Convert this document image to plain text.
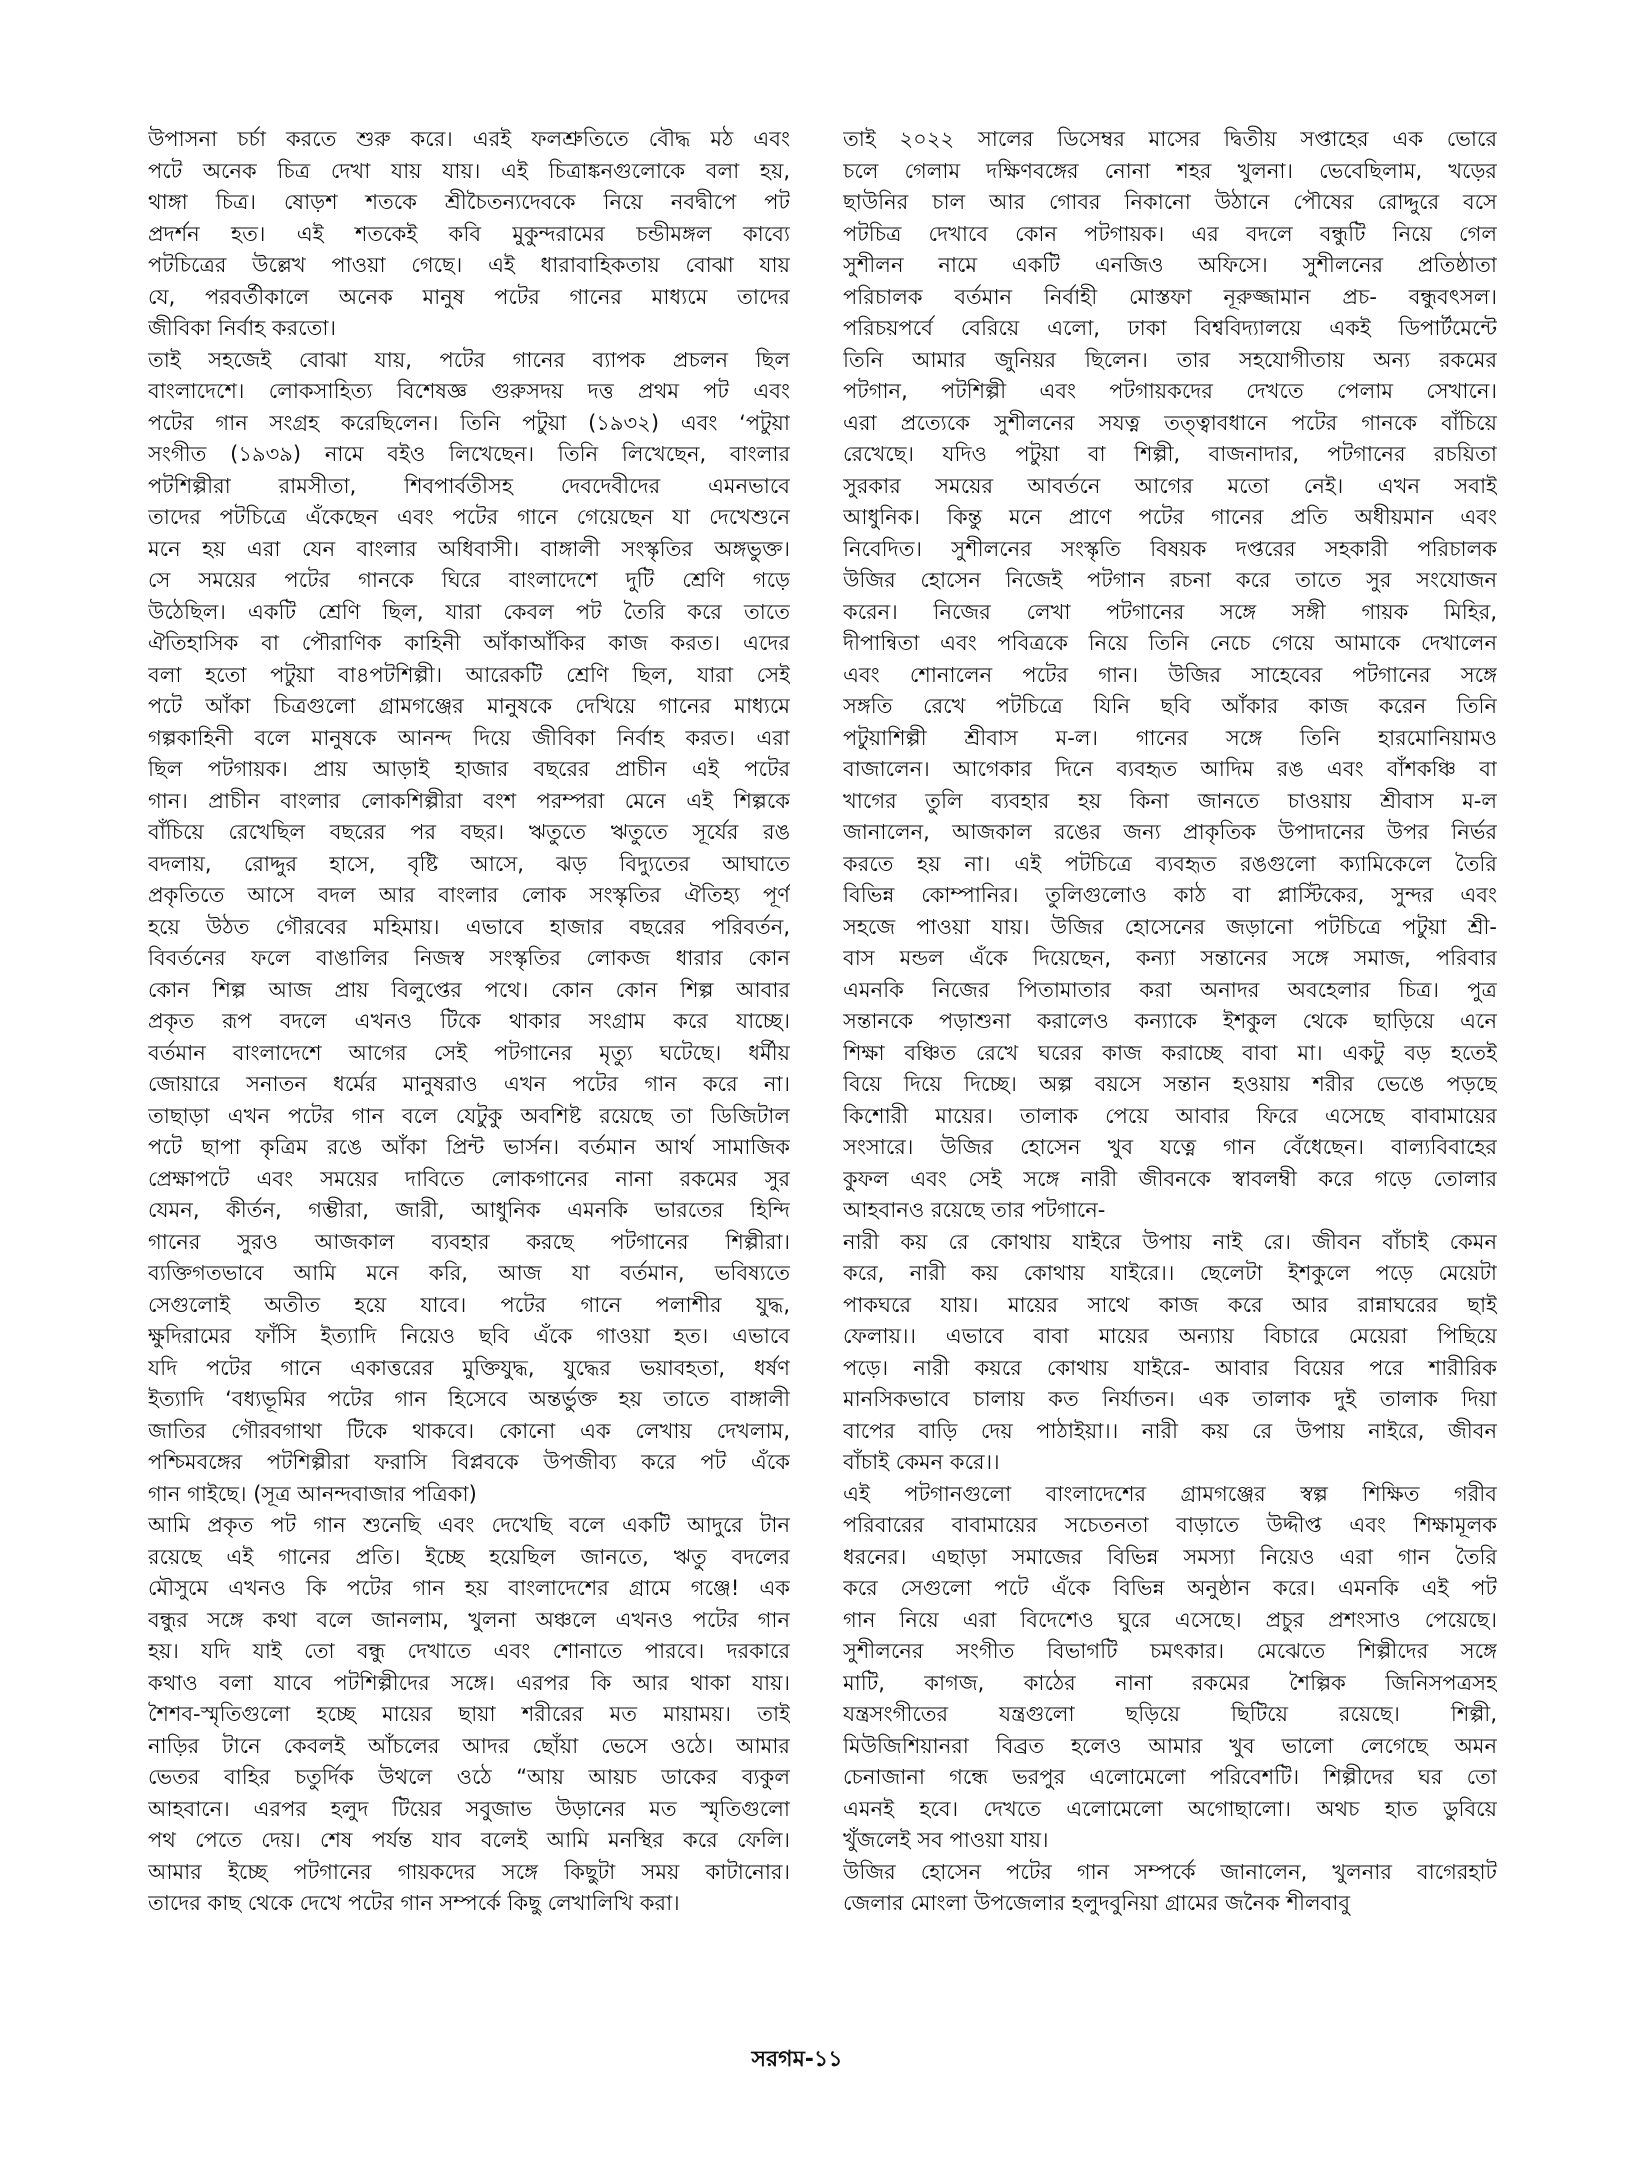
উপাসনা চর্চা করতে শুরু করে। এরই ফলশ্রুতিতে বৌদ্ধ মঠ এবং
পটে অনেক চিত্র দেখা যায় যায়। এই চিত্রাঙ্কনগুলোকে বলা হয়,
থাঙ্গা চিত্র। ষোড়শ শতকে শ্রীচৈতন্যদেবকে নিয়ে নবদ্বীপে পট
প্রদর্শন হত। এই শতকেই কবি মুকুন্দরামের চন্ডীমঙ্গল কাব্যে
পটচিত্রের উল্লেখ পাওয়া গেছে। এই ধারাবাহিকতায় বোঝা যায়
যে, পরবর্তীকালে অনেক মানুষ পটের গানের মাধ্যমে তাদের
জীবিকা নির্বাহ করতো।
তাই সহজেই বোঝা যায়, পটের গানের ব্যাপক প্রচলন ছিল
বাংলাদেশে। লোকসাহিত্য বিশেষজ্ঞ গুরুসদয় দত্ত প্রথম পট এবং
পটের গান সংগ্রহ করেছিলেন। তিনি পটুয়া (১৯৩২) এবং ‘পটুয়া
সংগীত (১৯৩৯) নামে বইও লিখেছেন। তিনি লিখেছেন, বাংলার
পটশিল্পীরা রামসীতা, শিবপার্বতীসহ দেবদেবীদের এমনভাবে
তাদের পটচিত্রে এঁকেছেন এবং পটের গানে গেয়েছেন যা দেখেশুনে
মনে হয় এরা যেন বাংলার অধিবাসী। বাঙ্গালী সংস্কৃতির অঙ্গভুক্ত।
সে সময়ের পটের গানকে ঘিরে বাংলাদেশে দুটি শ্রেণি গড়ে
উঠেছিল। একটি শ্রেণি ছিল, যারা কেবল পট তৈরি করে তাতে
ঐতিহাসিক বা পৌরাণিক কাহিনী আঁকাআঁকির কাজ করত। এদের
বলা হতো পটুয়া বা৪পটশিল্পী। আরেকটি শ্রেণি ছিল, যারা সেই
পটে আঁকা চিত্রগুলো গ্রামগঞ্জের মানুষকে দেখিয়ে গানের মাধ্যমে
গল্পকাহিনী বলে মানুষকে আনন্দ দিয়ে জীবিকা নির্বাহ করত। এরা
ছিল পটগায়ক। প্রায় আড়াই হাজার বছরের প্রাচীন এই পটের
গান। প্রাচীন বাংলার লোকশিল্পীরা বংশ পরম্পরা মেনে এই শিল্পকে
বাঁচিয়ে রেখেছিল বছরের পর বছর। ঋতুতে ঋতুতে সূর্যের রঙ
বদলায়, রোদ্দুর হাসে, বৃষ্টি আসে, ঝড় বিদ্যুতের আঘাতে
প্রকৃতিতে আসে বদল আর বাংলার লোক সংস্কৃতির ঐতিহ্য পূর্ণ
হয়ে উঠত গৌরবের মহিমায়। এভাবে হাজার বছরের পরিবর্তন,
বিবর্তনের ফলে বাঙালির নিজস্ব সংস্কৃতির লোকজ ধারার কোন
কোন শিল্প আজ প্রায় বিলুপ্তের পথে। কোন কোন শিল্প আবার
প্রকৃত রূপ বদলে এখনও টিকে থাকার সংগ্রাম করে যাচ্ছে।
বর্তমান বাংলাদেশে আগের সেই পটগানের মৃত্যু ঘটেছে। ধর্মীয়
জোয়ারে সনাতন ধর্মের মানুষরাও এখন পটের গান করে না।
তাছাড়া এখন পটের গান বলে যেটুকু অবশিষ্ট রয়েছে তা ডিজিটাল
পটে ছাপা কৃত্রিম রঙে আঁকা প্রিন্ট ভার্সন। বর্তমান আর্থ সামাজিক
প্রেক্ষাপটে এবং সময়ের দাবিতে লোকগানের নানা রকমের সুর
যেমন, কীর্তন, গম্ভীরা, জারী, আধুনিক এমনকি ভারতের হিন্দি
গানের সুরও আজকাল ব্যবহার করছে পটগানের শিল্পীরা।
ব্যক্তিগতভাবে আমি মনে করি, আজ যা বর্তমান, ভবিষ্যতে
সেগুলোই অতীত হয়ে যাবে। পটের গানে পলাশীর যুদ্ধ,
ক্ষুদিরামের ফাঁসি ইত্যাদি নিয়েও ছবি এঁকে গাওয়া হত। এভাবে
যদি পটের গানে একাত্তরের মুক্তিযুদ্ধ, যুদ্ধের ভয়াবহতা, ধর্ষণ
ইত্যাদি ‘বধ্যভূমির পটের গান হিসেবে অন্তর্ভুক্ত হয় তাতে বাঙ্গালী
জাতির গৌরবগাথা টিকে থাকবে। কোনো এক লেখায় দেখলাম,
পশ্চিমবঙ্গের পটশিল্পীরা ফরাসি বিপ্লবকে উপজীব্য করে পট এঁকে
গান গাইছে। (সূত্র আনন্দবাজার পত্রিকা)
আমি প্রকৃত পট গান শুনেছি এবং দেখেছি বলে একটি আদুরে টান
রয়েছে এই গানের প্রতি। ইচ্ছে হয়েছিল জানতে, ঋতু বদলের
মৌসুমে এখনও কি পটের গান হয় বাংলাদেশের গ্রামে গঞ্জে! এক
বন্ধুর সঙ্গে কথা বলে জানলাম, খুলনা অঞ্চলে এখনও পটের গান
হয়। যদি যাই তো বন্ধু দেখাতে এবং শোনাতে পারবে। দরকারে
কথাও বলা যাবে পটশিল্পীদের সঙ্গে। এরপর কি আর থাকা যায়।
শৈশব-স্মৃতিগুলো হচ্ছে মায়ের ছায়া শরীরের মত মায়াময়। তাই
নাড়ির টানে কেবলই আঁচলের আদর ছোঁয়া ভেসে ওঠে। আমার
ভেতর বাহির চতুর্দিক উথলে ওঠে “আয় আয়চ ডাকের ব্যকুল
আহবানে। এরপর হলুদ টিয়ের সবুজাভ উড়ানের মত স্মৃতিগুলো
পথ পেতে দেয়। শেষ পর্যন্ত যাব বলেই আমি মনস্থির করে ফেলি।
আমার ইচ্ছে পটগানের গায়কদের সঙ্গে কিছুটা সময় কাটানোর।
তাদের কাছ থেকে দেখে পটের গান সম্পর্কে কিছু লেখালিখি করা।
তাই ২০২২ সালের ডিসেম্বর মাসের দ্বিতীয় সপ্তাহের এক ভোরে
চলে গেলাম দক্ষিণবঙ্গের নোনা শহর খুলনা। ভেবেছিলাম, খড়ের
ছাউনির চাল আর গোবর নিকানো উঠানে পৌষের রোদ্দুরে বসে
পটচিত্র দেখাবে কোন পটগায়ক। এর বদলে বন্ধুটি নিয়ে গেল
সুশীলন নামে একটি এনজিও অফিসে। সুশীলনের প্রতিষ্ঠাতা
পরিচালক বর্তমান নির্বাহী মোস্তফা নূরুজ্জামান প্রচ- বন্ধুবৎসল।
পরিচয়পর্বে বেরিয়ে এলো, ঢাকা বিশ্ববিদ্যালয়ে একই ডিপার্টমেন্টে
তিনি আমার জুনিয়র ছিলেন। তার সহযোগীতায় অন্য রকমের
পটগান, পটশিল্পী এবং পটগায়কদের দেখতে পেলাম সেখানে।
এরা প্রত্যেকে সুশীলনের সযত্ন তত্ত্বাবধানে পটের গানকে বাঁচিয়ে
রেখেছে। যদিও পটুয়া বা শিল্পী, বাজনাদার, পটগানের রচয়িতা
সুরকার সময়ের আবর্তনে আগের মতো নেই। এখন সবাই
আধুনিক। কিন্তু মনে প্রাণে পটের গানের প্রতি অধীয়মান এবং
নিবেদিত। সুশীলনের সংস্কৃতি বিষয়ক দপ্তরের সহকারী পরিচালক
উজির হোসেন নিজেই পটগান রচনা করে তাতে সুর সংযোজন
করেন। নিজের লেখা পটগানের সঙ্গে সঙ্গী গায়ক মিহির,
দীপান্বিতা এবং পবিত্রকে নিয়ে তিনি নেচে গেয়ে আমাকে দেখালেন
এবং শোনালেন পটের গান। উজির সাহেবের পটগানের সঙ্গে
সঙ্গতি রেখে পটচিত্রে যিনি ছবি আঁকার কাজ করেন তিনি
পটুয়াশিল্পী শ্রীবাস ম-ল। গানের সঙ্গে তিনি হারমোনিয়ামও
বাজালেন। আগেকার দিনে ব্যবহৃত আদিম রঙ এবং বাঁশকঞ্চি বা
খাগের তুলি ব্যবহার হয় কিনা জানতে চাওয়ায় শ্রীবাস ম-ল
জানালেন, আজকাল রঙের জন্য প্রাকৃতিক উপাদানের উপর নির্ভর
করতে হয় না। এই পটচিত্রে ব্যবহৃত রঙগুলো ক্যামিকেলে তৈরি
বিভিন্ন কোম্পানির। তুলিগুলোও কাঠ বা প্লাস্টিকের, সুন্দর এবং
সহজে পাওয়া যায়। উজির হোসেনের জড়ানো পটচিত্রে পটুয়া শ্রী-
বাস মন্ডল এঁকে দিয়েছেন, কন্যা সন্তানের সঙ্গে সমাজ, পরিবার
এমনকি নিজের পিতামাতার করা অনাদর অবহেলার চিত্র। পুত্র
সন্তানকে পড়াশুনা করালেও কন্যাকে ইশকুল থেকে ছাড়িয়ে এনে
শিক্ষা বঞ্চিত রেখে ঘরের কাজ করাচ্ছে বাবা মা। একটু বড় হতেই
বিয়ে দিয়ে দিচ্ছে। অল্প বয়সে সন্তান হওয়ায় শরীর ভেঙে পড়ছে
কিশোরী মায়ের। তালাক পেয়ে আবার ফিরে এসেছে বাবামায়ের
সংসারে। উজির হোসেন খুব যত্নে গান বেঁধেছেন। বাল্যবিবাহের
কুফল এবং সেই সঙ্গে নারী জীবনকে স্বাবলম্বী করে গড়ে তোলার
আহবানও রয়েছে তার পটগানে-
নারী কয় রে কোথায় যাইরে উপায় নাই রে। জীবন বাঁচাই কেমন
করে, নারী কয় কোথায় যাইরে।। ছেলেটা ইশকুলে পড়ে মেয়েটা
পাকঘরে যায়। মায়ের সাথে কাজ করে আর রান্নাঘরের ছাই
ফেলায়।। এভাবে বাবা মায়ের অন্যায় বিচারে মেয়েরা পিছিয়ে
পড়ে। নারী কয়রে কোথায় যাইরে- আবার বিয়ের পরে শারীরিক
মানসিকভাবে চালায় কত নির্যাতন। এক তালাক দুই তালাক দিয়া
বাপের বাড়ি দেয় পাঠাইয়া।। নারী কয় রে উপায় নাইরে, জীবন
বাঁচাই কেমন করে।।
এই পটগানগুলো বাংলাদেশের গ্রামগঞ্জের স্বল্প শিক্ষিত গরীব
পরিবারের বাবামায়ের সচেতনতা বাড়াতে উদ্দীপ্ত এবং শিক্ষামূলক
ধরনের। এছাড়া সমাজের বিভিন্ন সমস্যা নিয়েও এরা গান তৈরি
করে সেগুলো পটে এঁকে বিভিন্ন অনুষ্ঠান করে। এমনকি এই পট
গান নিয়ে এরা বিদেশেও ঘুরে এসেছে। প্রচুর প্রশংসাও পেয়েছে।
সুশীলনের সংগীত বিভাগটি চমৎকার। মেঝেতে শিল্পীদের সঙ্গে
মাটি, কাগজ, কাঠের নানা রকমের শৈল্পিক জিনিসপত্রসহ
যন্ত্রসংগীতের যন্ত্রগুলো ছড়িয়ে ছিটিয়ে রয়েছে। শিল্পী,
মিউজিশিয়ানরা বিব্রত হলেও আমার খুব ভালো লেগেছে অমন
চেনাজানা গন্ধে ভরপুর এলোমেলো পরিবেশটি। শিল্পীদের ঘর তো
এমনই হবে। দেখতে এলোমেলো অগোছালো। অথচ হাত ডুবিয়ে
খুঁজলেই সব পাওয়া যায়।
উজির হোসেন পটের গান সম্পর্কে জানালেন, খুলনার বাগেরহাট
জেলার মোংলা উপজেলার হলুদবুনিয়া গ্রামের জনৈক শীলবাবু
সরগম-১১
